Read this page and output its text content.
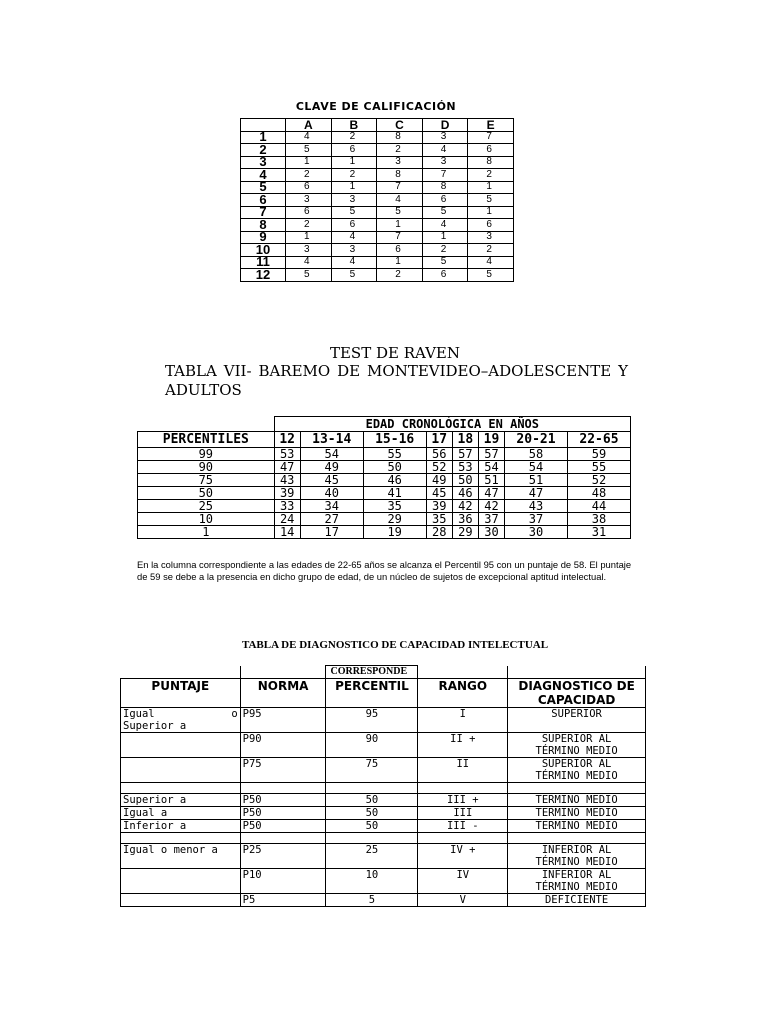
CLAVE DE CALIFICACIÓN
	A	B	C	D	E
1	4	2	8	3	7
2	5	6	2	4	6
3	1	1	3	3	8
4	2	2	8	7	2
5	6	1	7	8	1
6	3	3	4	6	5
7	6	5	5	5	1
8	2	6	1	4	6
9	1	4	7	1	3
10	3	3	6	2	2
11	4	4	1	5	4
12	5	5	2	6	5
TEST DE RAVEN
TABLA VII- BAREMO DE MONTEVIDEO–ADOLESCENTE Y
ADULTOS
	EDAD CRONOLÓGICA EN AÑOS							
PERCENTILES	12	13-14	15-16	17	18	19	20-21	22-65
99	53	54	55	56	57	57	58	59
90	47	49	50	52	53	54	54	55
75	43	45	46	49	50	51	51	52
50	39	40	41	45	46	47	47	48
25	33	34	35	39	42	42	43	44
10	24	27	29	35	36	37	37	38
1	14	17	19	28	29	30	30	31
En la columna correspondiente a las edades de 22-65 años se alcanza el Percentil 95 con un puntaje de 58. El puntaje de 59 se debe a la presencia en dicho grupo de edad, de un núcleo de sujetos de excepcional aptitud intelectual.
TABLA DE DIAGNOSTICO DE CAPACIDAD INTELECTUAL
		CORRESPONDE		
PUNTAJE	NORMA	PERCENTIL	RANGO	DIAGNOSTICO DE
CAPACIDAD

Igual o
Superior a	P95	95	I	SUPERIOR

	P90	90	II +	SUPERIOR AL
TÉRMINO MEDIO

	P75	75	II	SUPERIOR AL
TÉRMINO MEDIO

Superior a	P50	50	III +	TERMINO MEDIO

Igual a	P50	50	III	TERMINO MEDIO

Inferior a	P50	50	III -	TERMINO MEDIO

Igual o menor a	P25	25	IV +	INFERIOR AL
TÉRMINO MEDIO

	P10	10	IV	INFERIOR AL
TÉRMINO MEDIO

	P5	5	V	DEFICIENTE
